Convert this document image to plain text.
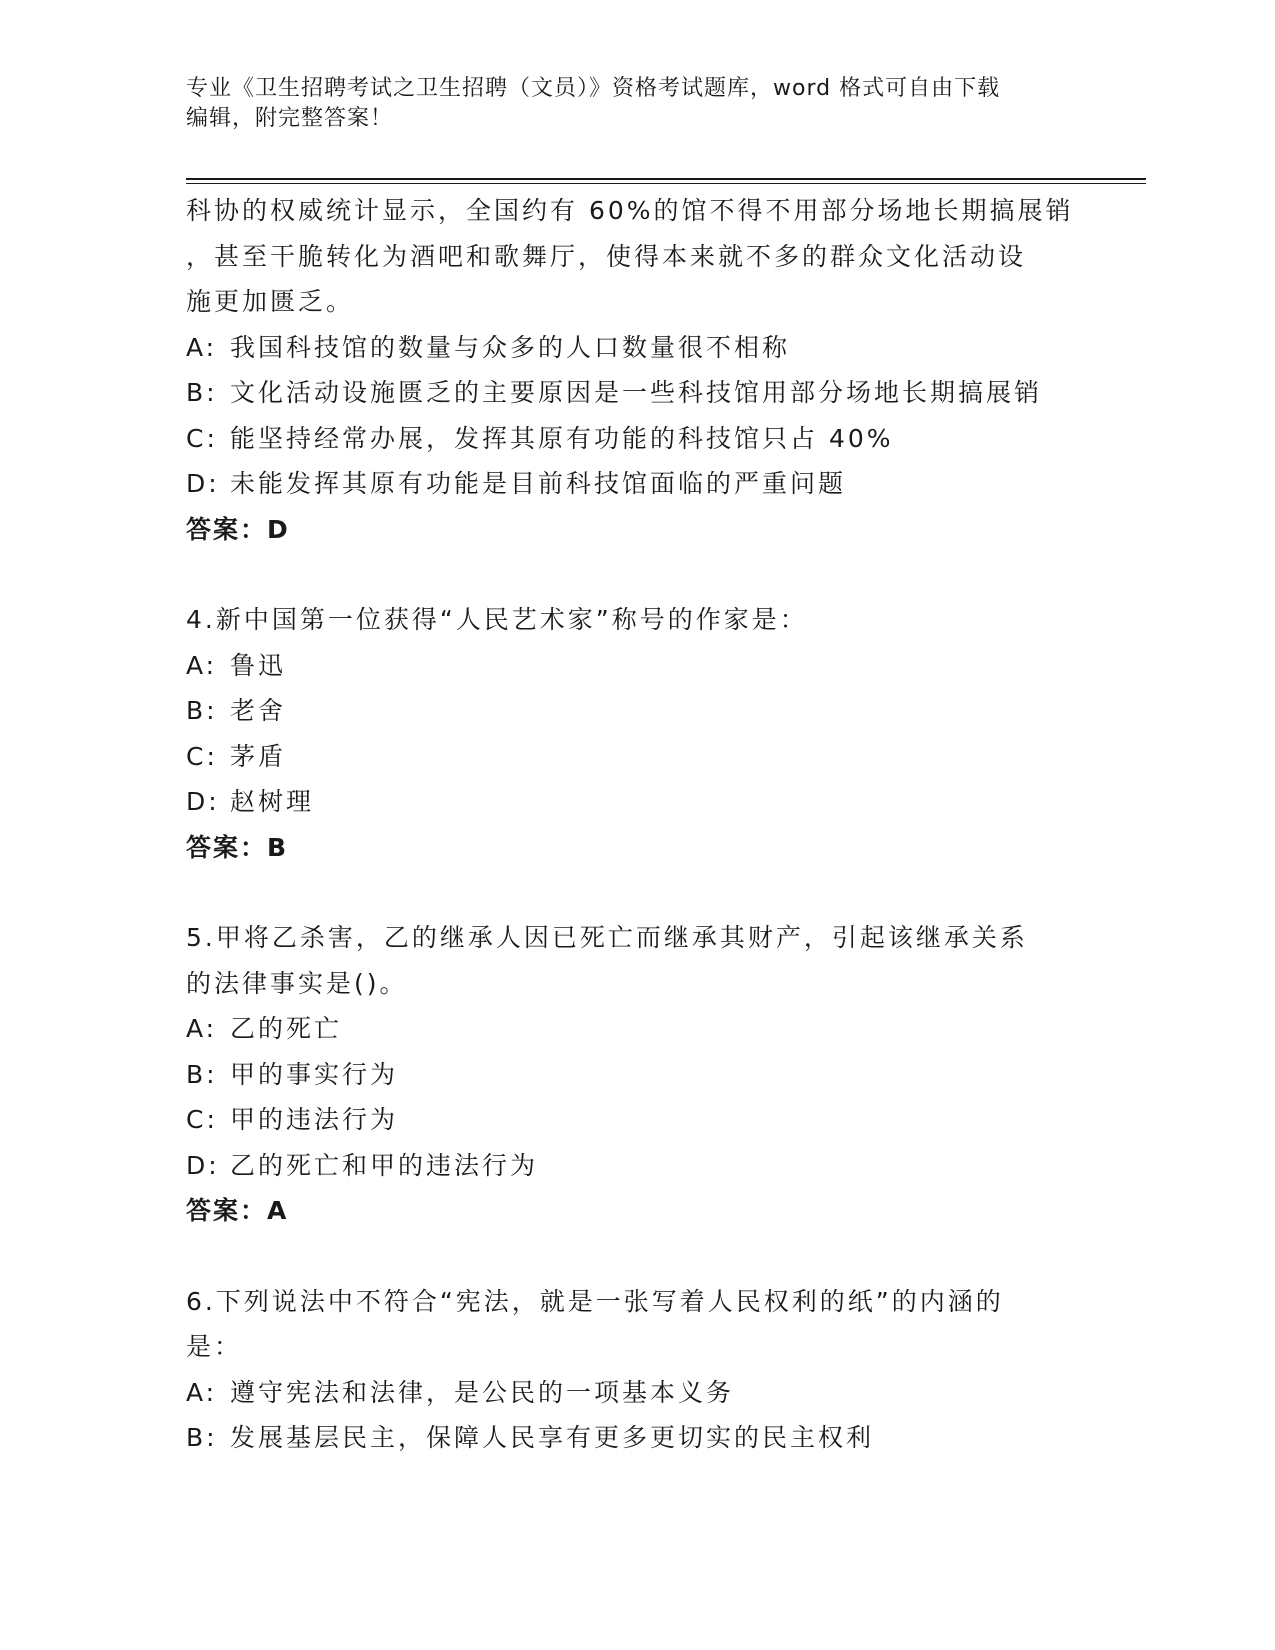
专业《卫生招聘考试之卫生招聘（文员）》资格考试题库，word 格式可自由下载
编辑，附完整答案！
科协的权威统计显示，全国约有 60%的馆不得不用部分场地长期搞展销
，甚至干脆转化为酒吧和歌舞厅，使得本来就不多的群众文化活动设
施更加匮乏。
A: 我国科技馆的数量与众多的人口数量很不相称
B: 文化活动设施匮乏的主要原因是一些科技馆用部分场地长期搞展销
C: 能坚持经常办展，发挥其原有功能的科技馆只占 40%
D: 未能发挥其原有功能是目前科技馆面临的严重问题
答案：D
4.新中国第一位获得“人民艺术家”称号的作家是：
A: 鲁迅
B: 老舍
C: 茅盾
D: 赵树理
答案：B
5.甲将乙杀害，乙的继承人因已死亡而继承其财产，引起该继承关系
的法律事实是()。
A: 乙的死亡
B: 甲的事实行为
C: 甲的违法行为
D: 乙的死亡和甲的违法行为
答案：A
6.下列说法中不符合“宪法，就是一张写着人民权利的纸”的内涵的
是：
A: 遵守宪法和法律，是公民的一项基本义务
B: 发展基层民主，保障人民享有更多更切实的民主权利
